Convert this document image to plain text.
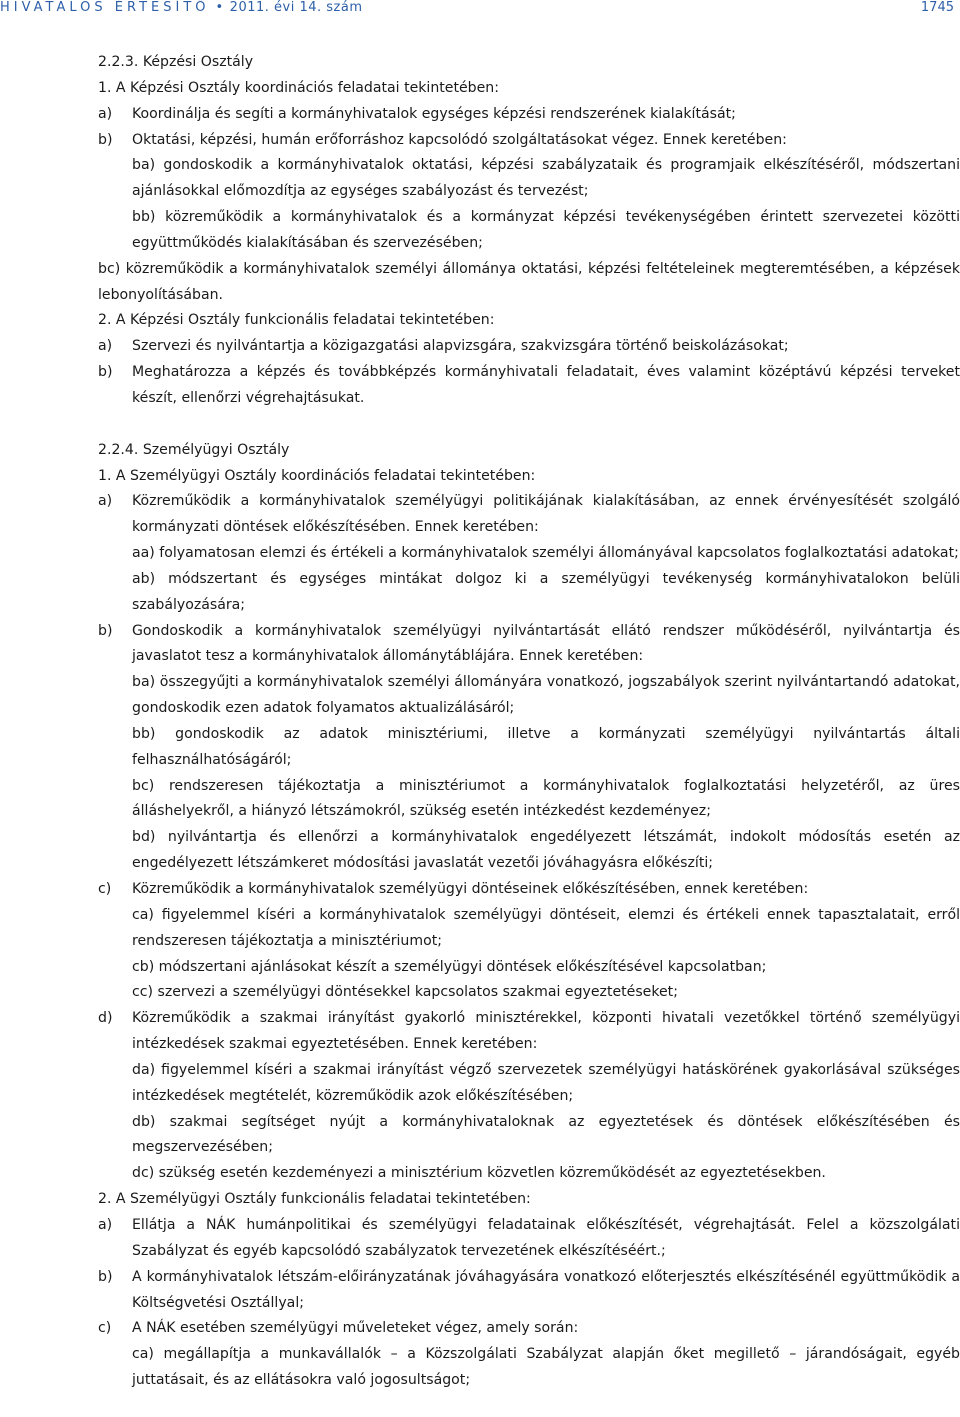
HIVATALOS ÉRTESÍTŐ • 2011. évi 14. szám	1745

2.2.3. Képzési Osztály

1. A Képzési Osztály koordinációs feladatai tekintetében:

a)	Koordinálja és segíti a kormányhivatalok egységes képzési rendszerének kialakítását;
b)	Oktatási, képzési, humán erőforráshoz kapcsolódó szolgáltatásokat végez. Ennek keretében:

ba) gondoskodik a kormányhivatalok oktatási, képzési szabályzataik és programjaik elkészítéséről, módszertani ajánlásokkal előmozdítja az egységes szabályozást és tervezést;

bb) közreműködik a kormányhivatalok és a kormányzat képzési tevékenységében érintett szervezetei közötti együttműködés kialakításában és szervezésében;

bc) közreműködik a kormányhivatalok személyi állománya oktatási, képzési feltételeinek megteremtésében, a képzések lebonyolításában.

2. A Képzési Osztály funkcionális feladatai tekintetében:

a)	Szervezi és nyilvántartja a közigazgatási alapvizsgára, szakvizsgára történő beiskolázásokat;
b)	Meghatározza a képzés és továbbképzés kormányhivatali feladatait, éves valamint középtávú képzési terveket készít, ellenőrzi végrehajtásukat.

2.2.4. Személyügyi Osztály

1. A Személyügyi Osztály koordinációs feladatai tekintetében:

a)	Közreműködik a kormányhivatalok személyügyi politikájának kialakításában, az ennek érvényesítését szolgáló kormányzati döntések előkészítésében. Ennek keretében:

aa) folyamatosan elemzi és értékeli a kormányhivatalok személyi állományával kapcsolatos foglalkoztatási adatokat;

ab) módszertant és egységes mintákat dolgoz ki a személyügyi tevékenység kormányhivatalokon belüli szabályozására;

b)	Gondoskodik a kormányhivatalok személyügyi nyilvántartását ellátó rendszer működéséről, nyilvántartja és javaslatot tesz a kormányhivatalok állománytáblájára. Ennek keretében:

ba) összegyűjti a kormányhivatalok személyi állományára vonatkozó, jogszabályok szerint nyilvántartandó adatokat, gondoskodik ezen adatok folyamatos aktualizálásáról;

bb) gondoskodik az adatok minisztériumi, illetve a kormányzati személyügyi nyilvántartás általi felhasználhatóságáról;

bc) rendszeresen tájékoztatja a minisztériumot a kormányhivatalok foglalkoztatási helyzetéről, az üres álláshelyekről, a hiányzó létszámokról, szükség esetén intézkedést kezdeményez;

bd) nyilvántartja és ellenőrzi a kormányhivatalok engedélyezett létszámát, indokolt módosítás esetén az engedélyezett létszámkeret módosítási javaslatát vezetői jóváhagyásra előkészíti;

c)	Közreműködik a kormányhivatalok személyügyi döntéseinek előkészítésében, ennek keretében:

ca) figyelemmel kíséri a kormányhivatalok személyügyi döntéseit, elemzi és értékeli ennek tapasztalatait, erről rendszeresen tájékoztatja a minisztériumot;

cb) módszertani ajánlásokat készít a személyügyi döntések előkészítésével kapcsolatban;

cc) szervezi a személyügyi döntésekkel kapcsolatos szakmai egyeztetéseket;

d)	Közreműködik a szakmai irányítást gyakorló minisztérekkel, központi hivatali vezetőkkel történő személyügyi intézkedések szakmai egyeztetésében. Ennek keretében:

da) figyelemmel kíséri a szakmai irányítást végző szervezetek személyügyi hatáskörének gyakorlásával szükséges intézkedések megtételét, közreműködik azok előkészítésében;

db) szakmai segítséget nyújt a kormányhivataloknak az egyeztetések és döntések előkészítésében és megszervezésében;

dc) szükség esetén kezdeményezi a minisztérium közvetlen közreműködését az egyeztetésekben.

2. A Személyügyi Osztály funkcionális feladatai tekintetében:

a)	Ellátja a NÁK humánpolitikai és személyügyi feladatainak előkészítését, végrehajtását. Felel a közszolgálati Szabályzat és egyéb kapcsolódó szabályzatok tervezetének elkészítéséért.;
b)	A kormányhivatalok létszám-előirányzatának jóváhagyására vonatkozó előterjesztés elkészítésénél együttműködik a Költségvetési Osztállyal;
c)	A NÁK esetében személyügyi műveleteket végez, amely során:

ca) megállapítja a munkavállalók – a Közszolgálati Szabályzat alapján őket megillető – járandóságait, egyéb juttatásait, és az ellátásokra való jogosultságot;
